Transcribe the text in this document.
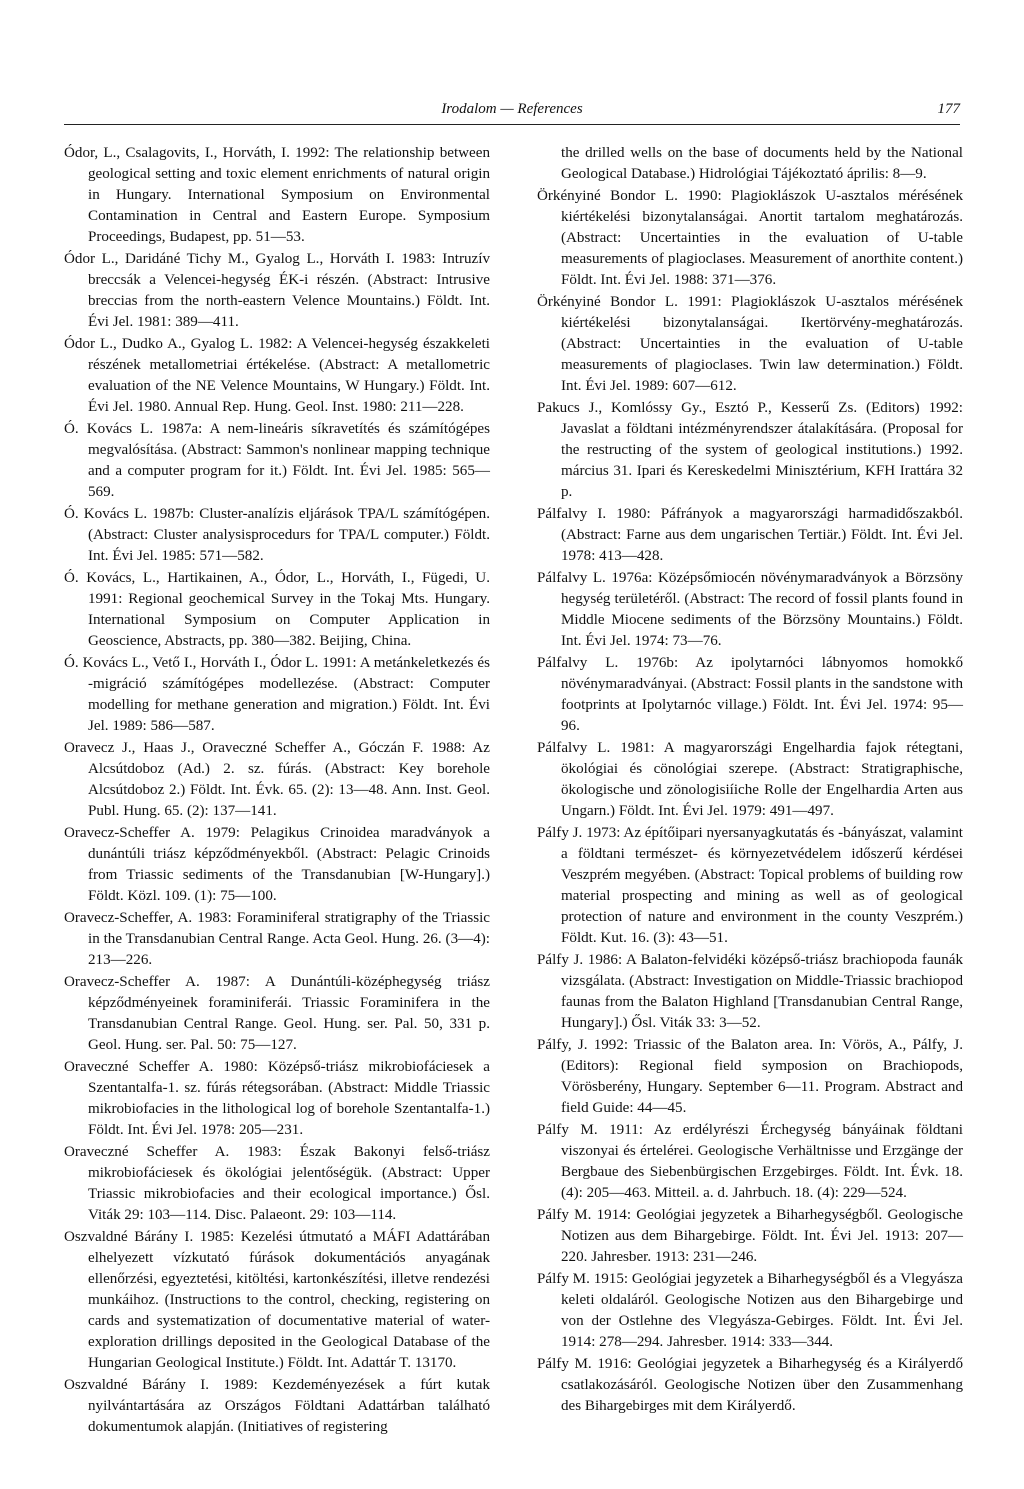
Irodalom — References	177

Ódor, L., Csalagovits, I., Horváth, I. 1992: The relationship between geological setting and toxic element enrichments of natural origin in Hungary. International Symposium on Environmental Contamination in Central and Eastern Europe. Symposium Proceedings, Budapest, pp. 51—53.

Ódor L., Daridáné Tichy M., Gyalog L., Horváth I. 1983: Intruzív breccsák a Velencei-hegység ÉK-i részén. (Abstract: Intrusive breccias from the north-eastern Velence Mountains.) Földt. Int. Évi Jel. 1981: 389—411.

Ódor L., Dudko A., Gyalog L. 1982: A Velencei-hegység északkeleti részének metallometriai értékelése. (Abstract: A metallometric evaluation of the NE Velence Mountains, W Hungary.) Földt. Int. Évi Jel. 1980. Annual Rep. Hung. Geol. Inst. 1980: 211—228.

Ó. Kovács L. 1987a: A nem-lineáris síkravetítés és számítógépes megvalósítása. (Abstract: Sammon's nonlinear mapping technique and a computer program for it.) Földt. Int. Évi Jel. 1985: 565—569.

Ó. Kovács L. 1987b: Cluster-analízis eljárások TPA/L számítógépen. (Abstract: Cluster analysisprocedurs for TPA/L computer.) Földt. Int. Évi Jel. 1985: 571—582.

Ó. Kovács, L., Hartikainen, A., Ódor, L., Horváth, I., Fügedi, U. 1991: Regional geochemical Survey in the Tokaj Mts. Hungary. International Symposium on Computer Application in Geoscience, Abstracts, pp. 380—382. Beijing, China.

Ó. Kovács L., Vető I., Horváth I., Ódor L. 1991: A metánkeletkezés és -migráció számítógépes modellezése. (Abstract: Computer modelling for methane generation and migration.) Földt. Int. Évi Jel. 1989: 586—587.

Oravecz J., Haas J., Oraveczné Scheffer A., Góczán F. 1988: Az Alcsútdoboz (Ad.) 2. sz. fúrás. (Abstract: Key borehole Alcsútdoboz 2.) Földt. Int. Évk. 65. (2): 13—48. Ann. Inst. Geol. Publ. Hung. 65. (2): 137—141.

Oravecz-Scheffer A. 1979: Pelagikus Crinoidea maradványok a dunántúli triász képződményekből. (Abstract: Pelagic Crinoids from Triassic sediments of the Transdanubian [W-Hungary].) Földt. Közl. 109. (1): 75—100.

Oravecz-Scheffer, A. 1983: Foraminiferal stratigraphy of the Triassic in the Transdanubian Central Range. Acta Geol. Hung. 26. (3—4): 213—226.

Oravecz-Scheffer A. 1987: A Dunántúli-középhegység triász képződményeinek foraminiferái. Triassic Foraminifera in the Transdanubian Central Range. Geol. Hung. ser. Pal. 50, 331 p. Geol. Hung. ser. Pal. 50: 75—127.

Oraveczné Scheffer A. 1980: Középső-triász mikrobiofáciesek a Szentantalfa-1. sz. fúrás rétegsorában. (Abstract: Middle Triassic mikrobiofacies in the lithological log of borehole Szentantalfa-1.) Földt. Int. Évi Jel. 1978: 205—231.

Oraveczné Scheffer A. 1983: Észak Bakonyi felső-triász mikrobiofáciesek és ökológiai jelentőségük. (Abstract: Upper Triassic mikrobiofacies and their ecological importance.) Ősl. Viták 29: 103—114. Disc. Palaeont. 29: 103—114.

Oszvaldné Bárány I. 1985: Kezelési útmutató a MÁFI Adattárában elhelyezett vízkutató fúrások dokumentációs anyagának ellenőrzési, egyeztetési, kitöltési, kartonkészítési, illetve rendezési munkáihoz. (Instructions to the control, checking, registering on cards and systematization of documentative material of water-exploration drillings deposited in the Geological Database of the Hungarian Geological Institute.) Földt. Int. Adattár T. 13170.

Oszvaldné Bárány I. 1989: Kezdeményezések a fúrt kutak nyilvántartására az Országos Földtani Adattárban található dokumentumok alapján. (Initiatives of registering

the drilled wells on the base of documents held by the National Geological Database.) Hidrológiai Tájékoztató április: 8—9.

Örkényiné Bondor L. 1990: Plagioklászok U-asztalos mérésének kiértékelési bizonytalanságai. Anortit tartalom meghatározás. (Abstract: Uncertainties in the evaluation of U-table measurements of plagioclases. Measurement of anorthite content.) Földt. Int. Évi Jel. 1988: 371—376.

Örkényiné Bondor L. 1991: Plagioklászok U-asztalos mérésének kiértékelési bizonytalanságai. Ikertörvény-meghatározás. (Abstract: Uncertainties in the evaluation of U-table measurements of plagioclases. Twin law determination.) Földt. Int. Évi Jel. 1989: 607—612.

Pakucs J., Komlóssy Gy., Esztó P., Kesserű Zs. (Editors) 1992: Javaslat a földtani intézményrendszer átalakítására. (Proposal for the restructing of the system of geological institutions.) 1992. március 31. Ipari és Kereskedelmi Minisztérium, KFH Irattára 32 p.

Pálfalvy I. 1980: Páfrányok a magyarországi harmadidőszakból. (Abstract: Farne aus dem ungarischen Tertiär.) Földt. Int. Évi Jel. 1978: 413—428.

Pálfalvy L. 1976a: Középsőmiocén növénymaradványok a Börzsöny hegység területéről. (Abstract: The record of fossil plants found in Middle Miocene sediments of the Börzsöny Mountains.) Földt. Int. Évi Jel. 1974: 73—76.

Pálfalvy L. 1976b: Az ipolytarnóci lábnyomos homokkő növénymaradványai. (Abstract: Fossil plants in the sandstone with footprints at Ipolytarnóc village.) Földt. Int. Évi Jel. 1974: 95—96.

Pálfalvy L. 1981: A magyarországi Engelhardia fajok rétegtani, ökológiai és cönológiai szerepe. (Abstract: Stratigraphische, ökologische und zönologisiíiche Rolle der Engelhardia Arten aus Ungarn.) Földt. Int. Évi Jel. 1979: 491—497.

Pálfy J. 1973: Az építőipari nyersanyagkutatás és -bányászat, valamint a földtani természet- és környezetvédelem időszerű kérdései Veszprém megyében. (Abstract: Topical problems of building row material prospecting and mining as well as of geological protection of nature and environment in the county Veszprém.) Földt. Kut. 16. (3): 43—51.

Pálfy J. 1986: A Balaton-felvidéki középső-triász brachiopoda faunák vizsgálata. (Abstract: Investigation on Middle-Triassic brachiopod faunas from the Balaton Highland [Transdanubian Central Range, Hungary].) Ősl. Viták 33: 3—52.

Pálfy, J. 1992: Triassic of the Balaton area. In: Vörös, A., Pálfy, J. (Editors): Regional field symposion on Brachiopods, Vörösberény, Hungary. September 6—11. Program. Abstract and field Guide: 44—45.

Pálfy M. 1911: Az erdélyrészi Érchegység bányáinak földtani viszonyai és értelérei. Geologische Verhältnisse und Erzgänge der Bergbaue des Siebenbürgischen Erzgebirges. Földt. Int. Évk. 18. (4): 205—463. Mitteil. a. d. Jahrbuch. 18. (4): 229—524.

Pálfy M. 1914: Geológiai jegyzetek a Biharhegységből. Geologische Notizen aus dem Bihargebirge. Földt. Int. Évi Jel. 1913: 207—220. Jahresber. 1913: 231—246.

Pálfy M. 1915: Geológiai jegyzetek a Biharhegységből és a Vlegyásza keleti oldaláról. Geologische Notizen aus den Bihargebirge und von der Ostlehne des Vlegyásza-Gebirges. Földt. Int. Évi Jel. 1914: 278—294. Jahresber. 1914: 333—344.

Pálfy M. 1916: Geológiai jegyzetek a Biharhegység és a Királyerdő csatlakozásáról. Geologische Notizen über den Zusammenhang des Bihargebirges mit dem Királyerdő.
